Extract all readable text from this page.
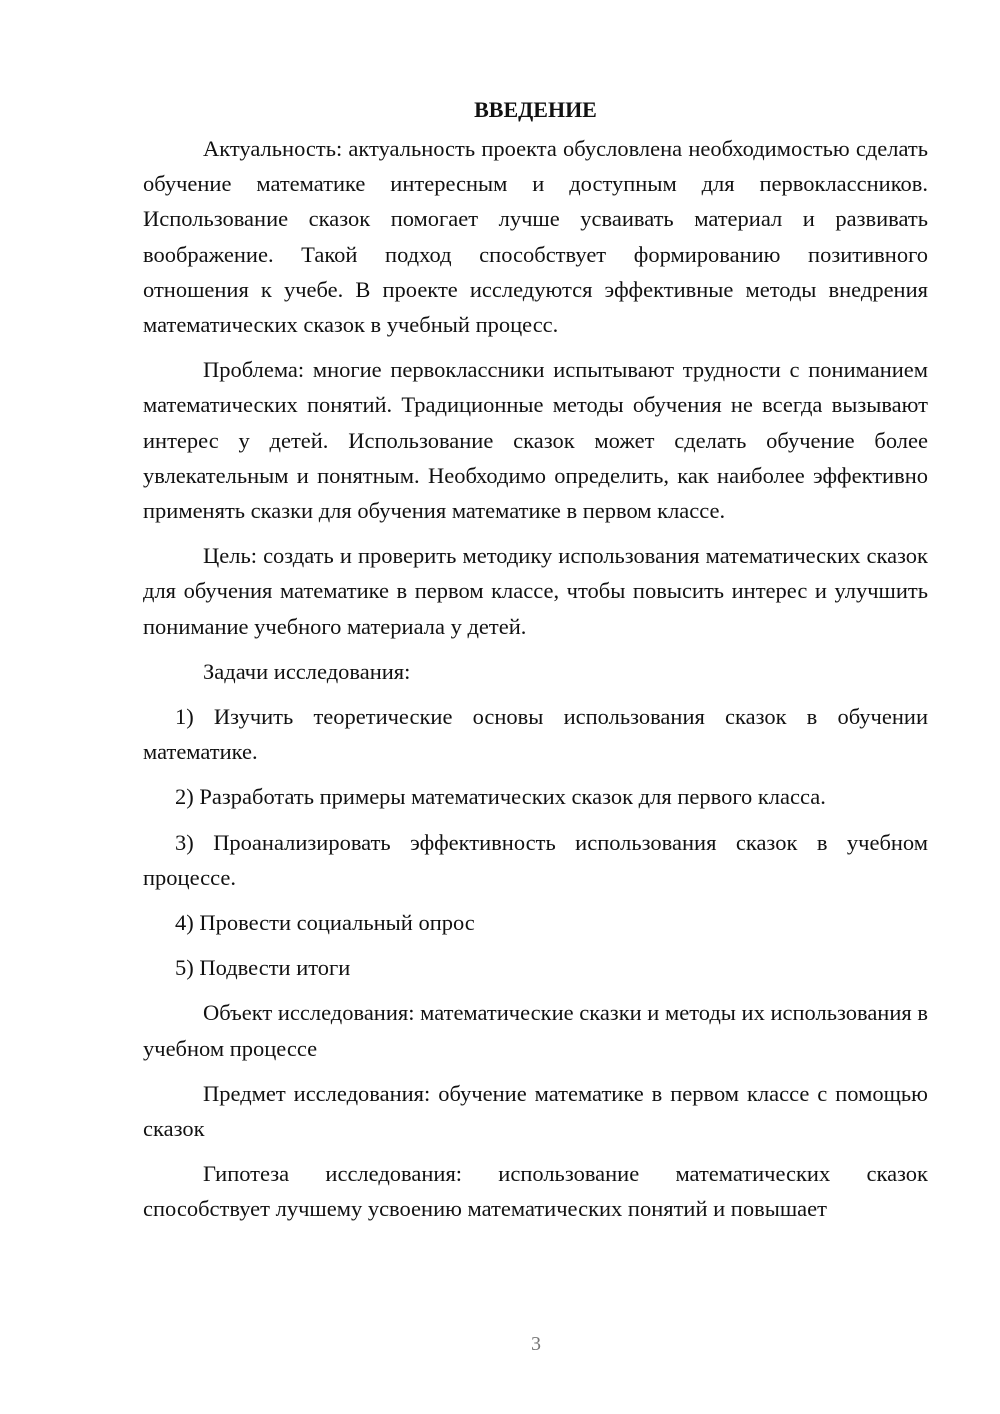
ВВЕДЕНИЕ

Актуальность: актуальность проекта обусловлена необходимостью сделать обучение математике интересным и доступным для первоклассников. Использование сказок помогает лучше усваивать материал и развивать воображение. Такой подход способствует формированию позитивного отношения к учебе. В проекте исследуются эффективные методы внедрения математических сказок в учебный процесс.

Проблема: многие первоклассники испытывают трудности с пониманием математических понятий. Традиционные методы обучения не всегда вызывают интерес у детей. Использование сказок может сделать обучение более увлекательным и понятным. Необходимо определить, как наиболее эффективно применять сказки для обучения математике в первом классе.

Цель: создать и проверить методику использования математических сказок для обучения математике в первом классе, чтобы повысить интерес и улучшить понимание учебного материала у детей.

Задачи исследования:

1) Изучить теоретические основы использования сказок в обучении математике.

2) Разработать примеры математических сказок для первого класса.

3) Проанализировать эффективность использования сказок в учебном процессе.

4) Провести социальный опрос

5) Подвести итоги

Объект исследования: математические сказки и методы их использования в учебном процессе

Предмет исследования: обучение математике в первом классе с помощью сказок

Гипотеза исследования: использование математических сказок способствует лучшему усвоению математических понятий и повышает

3
